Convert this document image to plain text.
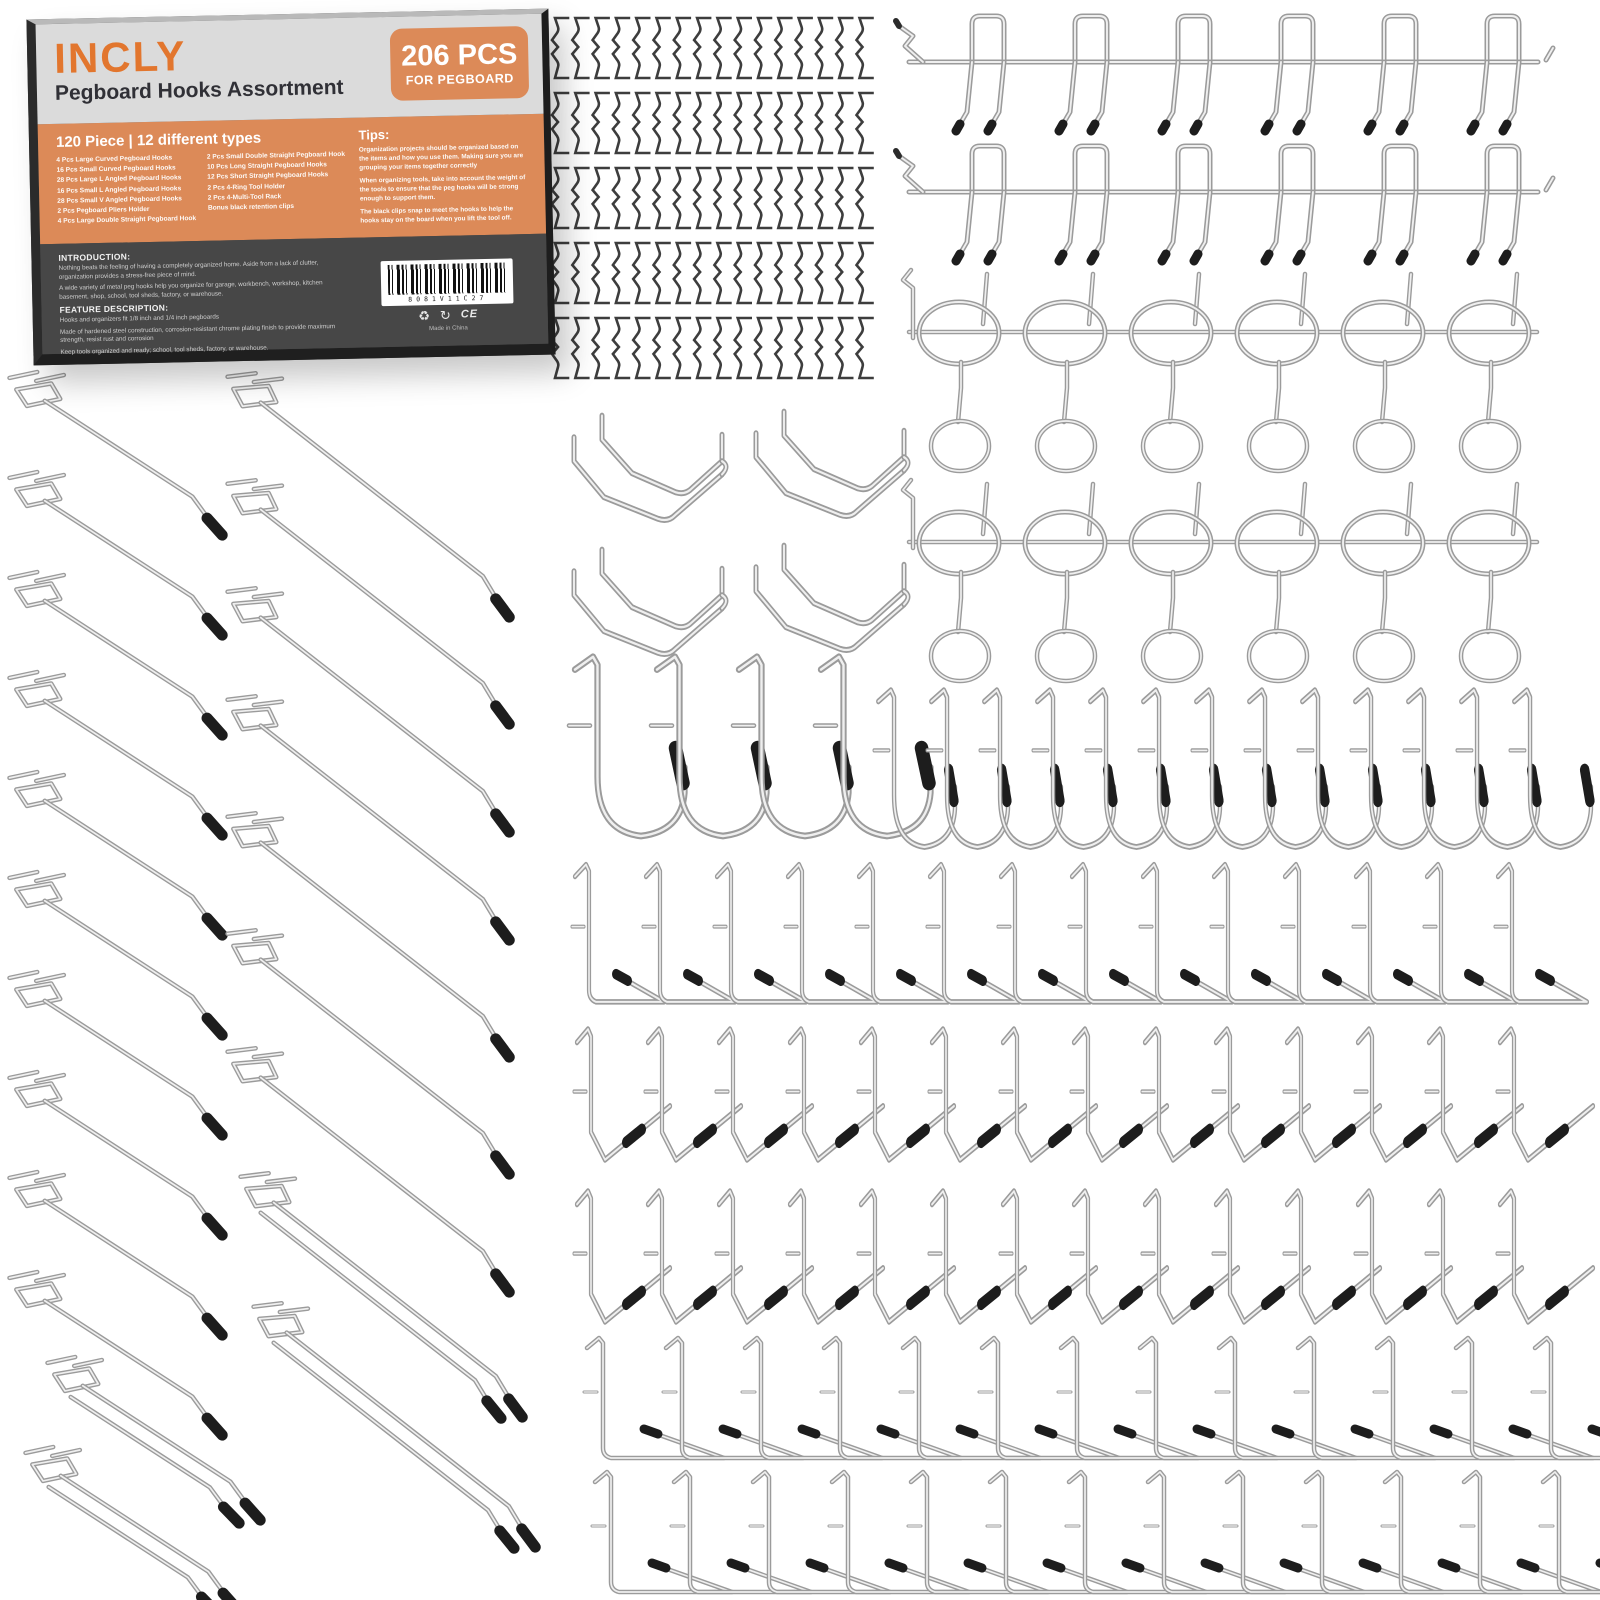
INCLY
Pegboard Hooks Assortment
206 PCS
FOR PEGBOARD
120 Piece | 12 different types
4 Pcs Large Curved Pegboard Hooks
16 Pcs Small Curved Pegboard Hooks
28 Pcs Large L Angled Pegboard Hooks
16 Pcs Small L Angled Pegboard Hooks
28 Pcs Small V Angled Pegboard Hooks
2 Pcs Pegboard Pliers Holder
4 Pcs Large Double Straight Pegboard Hook
2 Pcs Small Double Straight Pegboard Hook
10 Pcs Long Straight Pegboard Hooks
12 Pcs Short Straight Pegboard Hooks
2 Pcs 4-Ring Tool Holder
2 Pcs 4-Multi-Tool Rack
Bonus black retention clips
Tips:

Organization projects should be organized based on the items and how you use them. Making sure you are grouping your items together correctly

When organizing tools, take into account the weight of the tools to ensure that the peg hooks will be strong enough to support them.

The black clips snap to meet the hooks to help the hooks stay on the board when you lift the tool off.

INTRODUCTION:

Nothing beats the feeling of having a completely organized home. Aside from a lack of clutter, organization provides a stress-free piece of mind.

A wide variety of metal peg hooks help you organize for garage, workbench, workshop, kitchen basement, shop, school, tool sheds, factory, or warehouse.

FEATURE DESCRIPTION:

Hooks and organizers fit 1/8 inch and 1/4 inch pegboards

Made of hardened steel construction, corrosion-resistant chrome plating finish to provide maximum strength, resist rust and corrosion

Keep tools organized and ready; school, tool sheds, factory, or warehouse.

8081V11C27
♻ ↻ CE
Made in China
